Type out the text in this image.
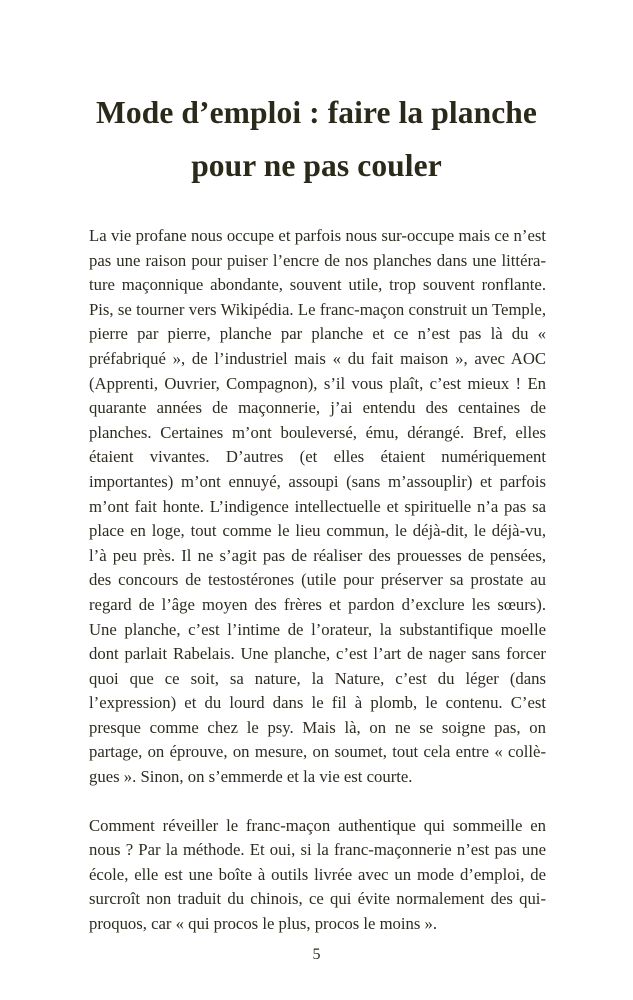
Mode d’emploi : faire la planche
pour ne pas couler

La vie profane nous occupe et parfois nous sur-occupe mais ce n’est pas une raison pour puiser l’encre de nos planches dans une littérature maçonnique abondante, souvent utile, trop souvent ronflante. Pis, se tourner vers Wikipédia. Le franc-maçon construit un Temple, pierre par pierre, planche par planche et ce n’est pas là du « préfabriqué », de l’industriel mais « du fait maison », avec AOC (Apprenti, Ouvrier, Compagnon), s’il vous plaît, c’est mieux ! En quarante années de maçonnerie, j’ai entendu des centaines de planches. Certaines m’ont bouleversé, ému, dérangé. Bref, elles étaient vivantes. D’autres (et elles étaient numériquement importantes) m’ont ennuyé, assoupi (sans m’assouplir) et parfois m’ont fait honte. L’indigence intellectuelle et spirituelle n’a pas sa place en loge, tout comme le lieu commun, le déjà-dit, le déjà-vu, l’à peu près. Il ne s’agit pas de réaliser des prouesses de pensées, des concours de testostérones (utile pour préserver sa prostate au regard de l’âge moyen des frères et pardon d’exclure les sœurs). Une planche, c’est l’intime de l’orateur, la substantifique moelle dont parlait Rabelais. Une planche, c’est l’art de nager sans forcer quoi que ce soit, sa nature, la Nature, c’est du léger (dans l’expression) et du lourd dans le fil à plomb, le contenu. C’est presque comme chez le psy. Mais là, on ne se soigne pas, on partage, on éprouve, on mesure, on soumet, tout cela entre « collègues ». Sinon, on s’emmerde et la vie est courte.

Comment réveiller le franc-maçon authentique qui sommeille en nous ? Par la méthode. Et oui, si la franc-maçonnerie n’est pas une école, elle est une boîte à outils livrée avec un mode d’emploi, de surcroît non traduit du chinois, ce qui évite normalement des quiproquos, car « qui procos le plus, procos le moins ».

5
